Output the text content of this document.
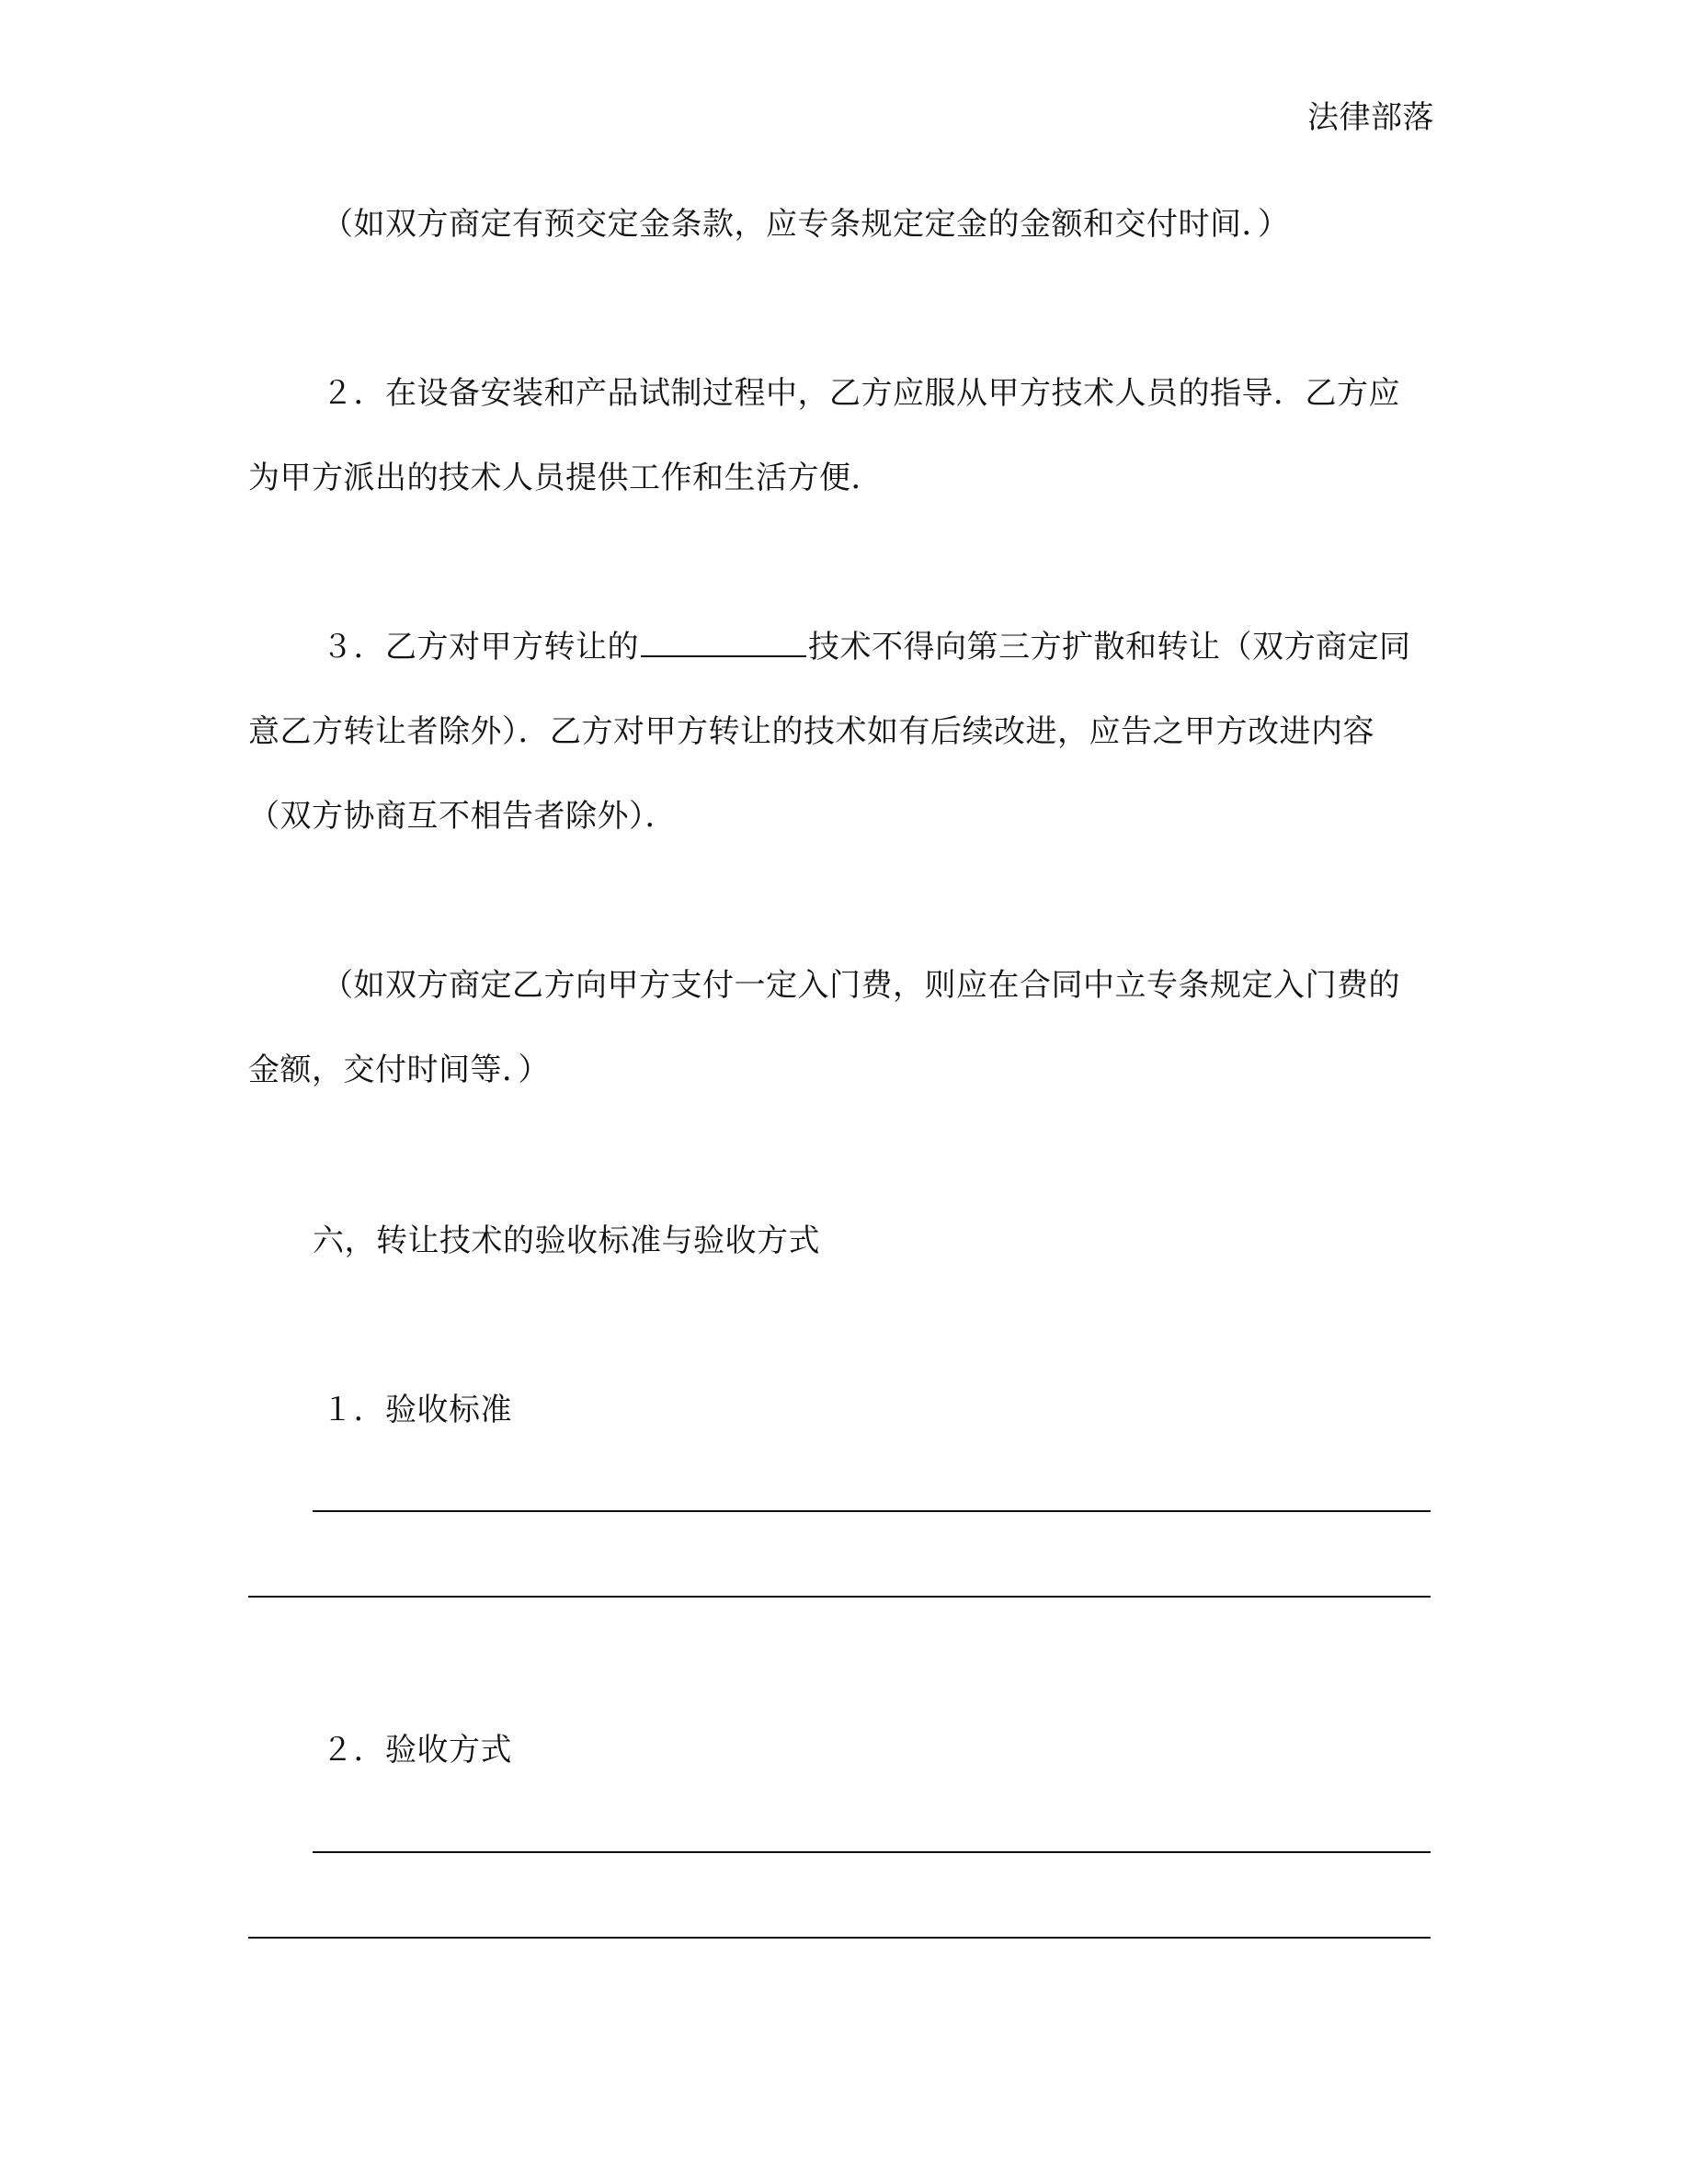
法律部落
（如双方商定有预交定金条款，应专条规定定金的金额和交付时间．）
２．在设备安装和产品试制过程中，乙方应服从甲方技术人员的指导．乙方应
为甲方派出的技术人员提供工作和生活方便．
３．乙方对甲方转让的	技术不得向第三方扩散和转让（双方商定同
意乙方转让者除外）．乙方对甲方转让的技术如有后续改进，应告之甲方改进内容
（双方协商互不相告者除外）．
（如双方商定乙方向甲方支付一定入门费，则应在合同中立专条规定入门费的
金额，交付时间等．）
六，转让技术的验收标准与验收方式
１．验收标准
２．验收方式
